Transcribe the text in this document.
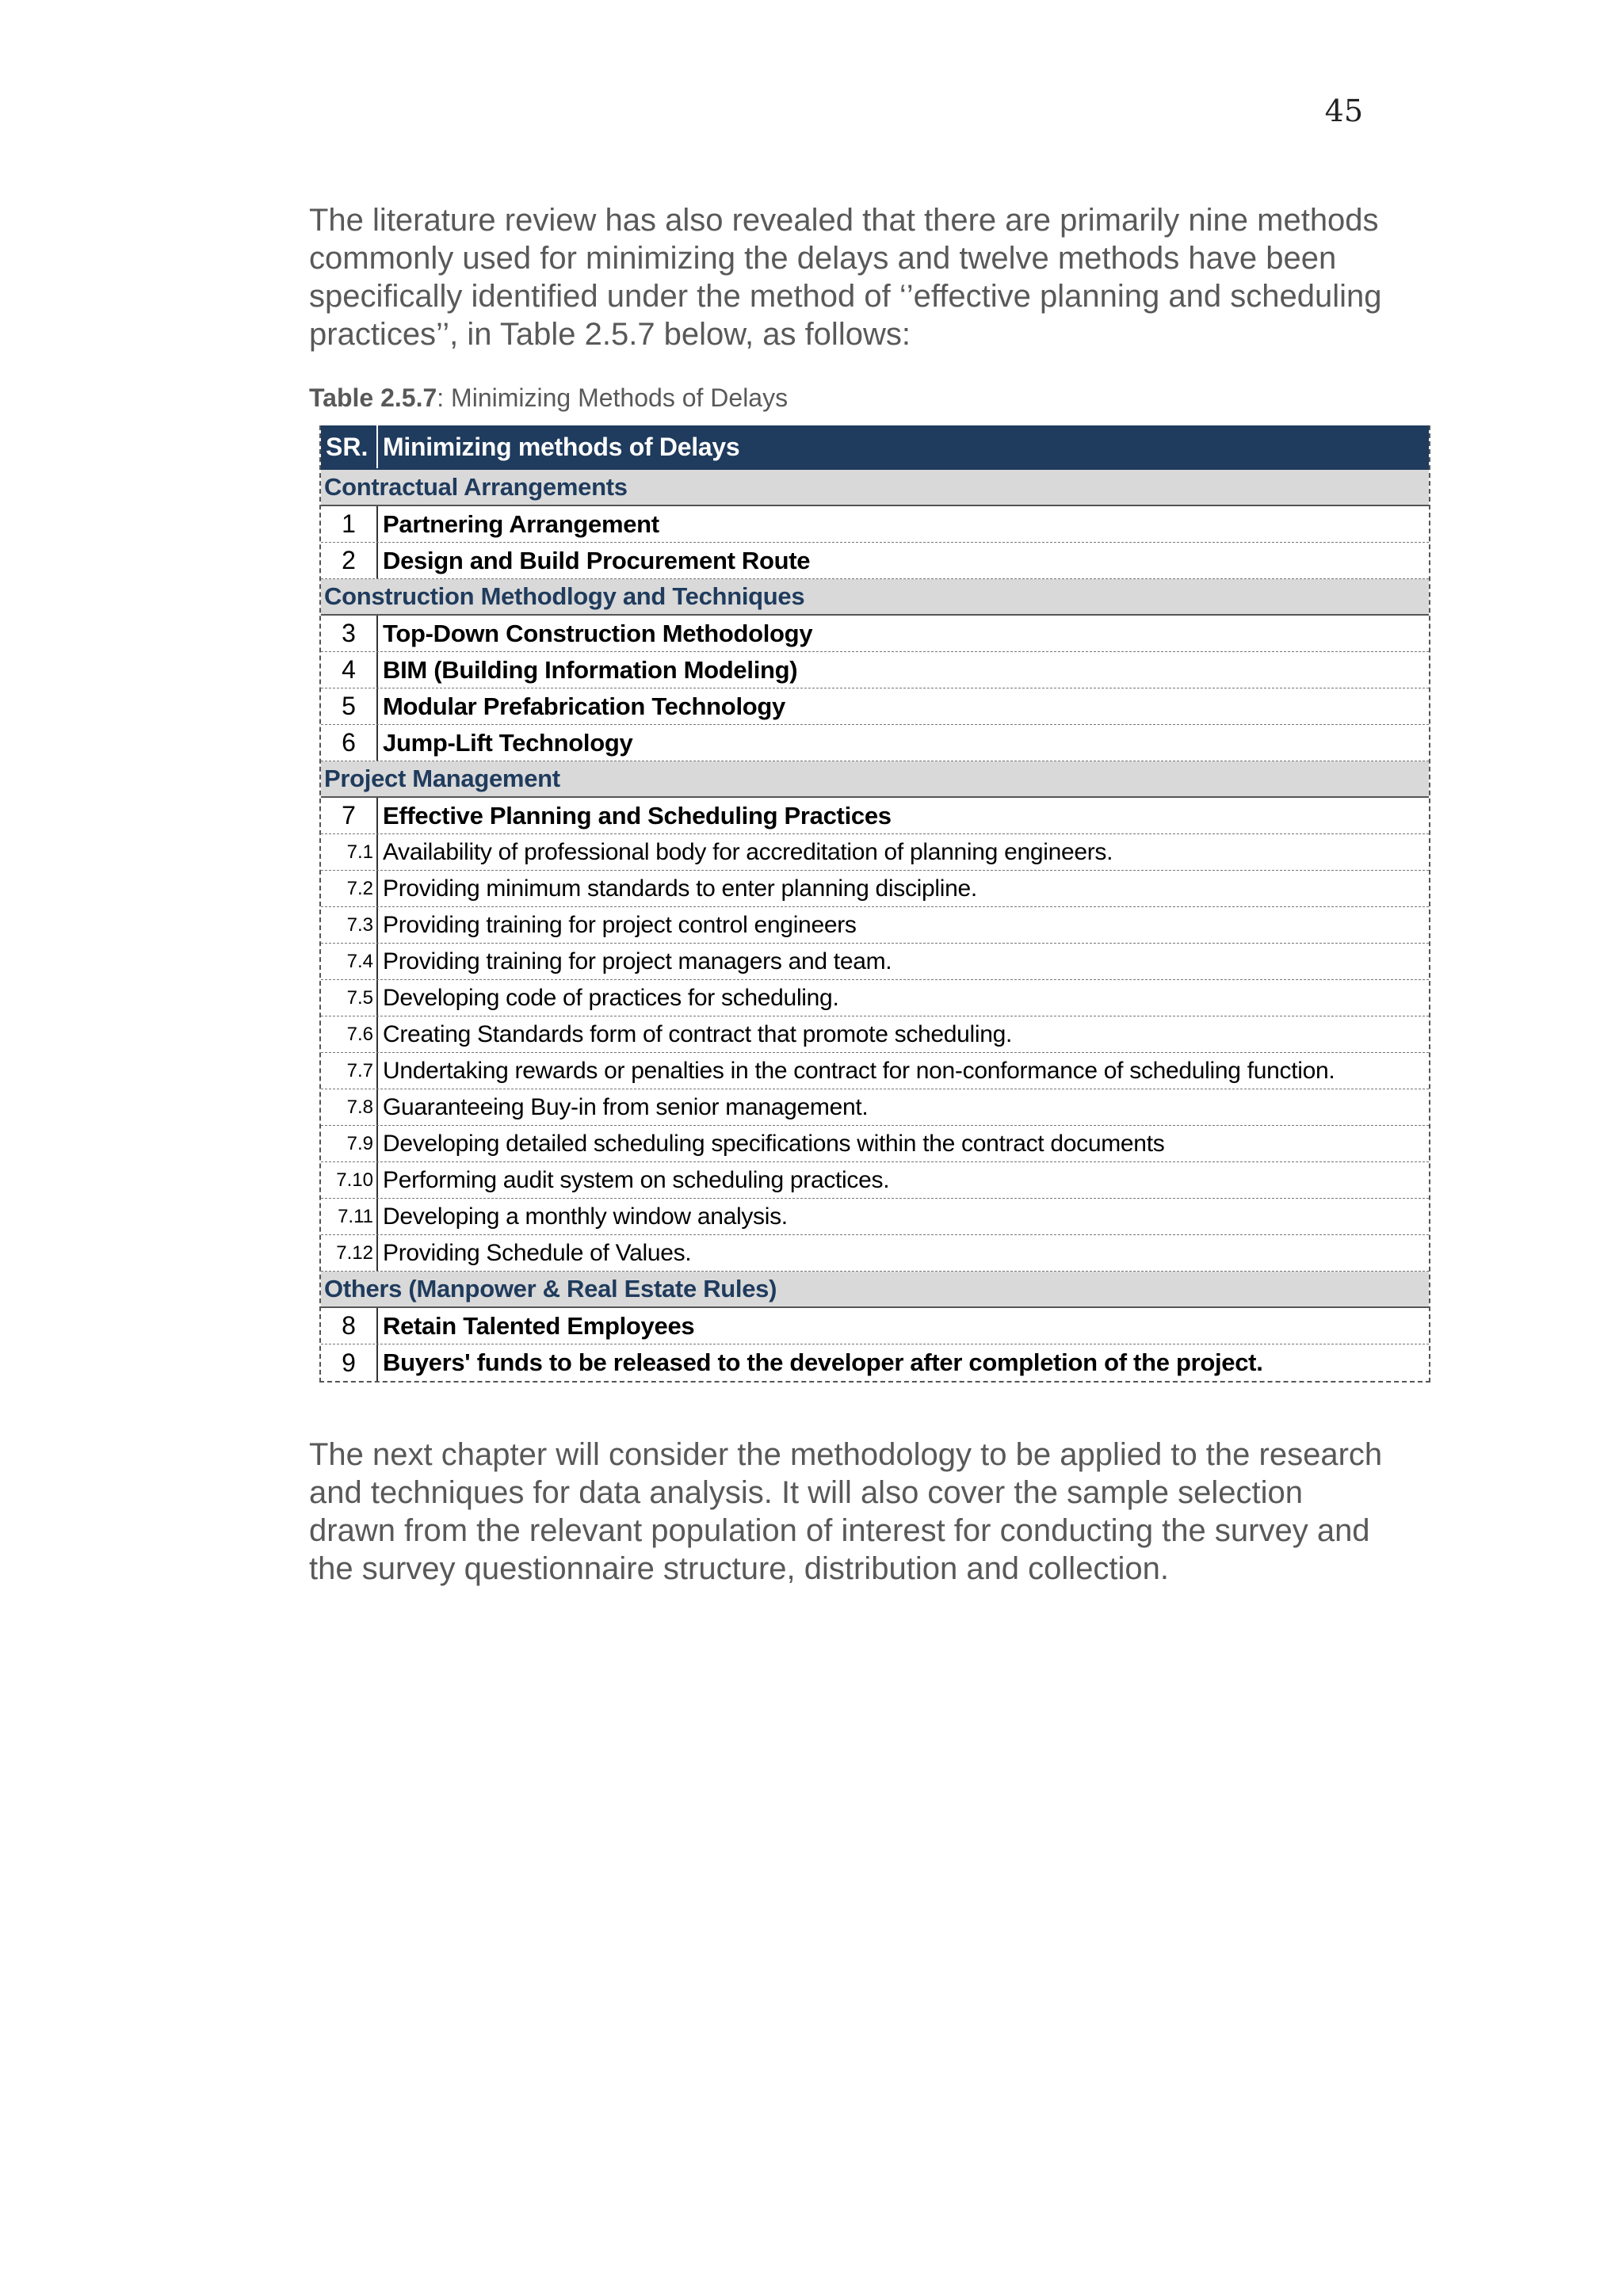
45

The literature review has also revealed that there are primarily nine methods commonly used for minimizing the delays and twelve methods have been specifically identified under the method of ‘’effective planning and scheduling practices’’, in Table 2.5.7 below, as follows:

Table 2.5.7: Minimizing Methods of Delays
SR. Minimizing methods of Delays
Contractual Arrangements
1	Partnering Arrangement
2	Design and Build Procurement Route
Construction Methodlogy and Techniques
3	Top-Down Construction Methodology
4	BIM (Building Information Modeling)
5	Modular Prefabrication Technology
6	Jump-Lift Technology
Project Management
7	Effective Planning and Scheduling Practices
7.1 Availability of professional body for accreditation of planning engineers.
7.2 Providing minimum standards to enter planning discipline.
7.3 Providing training for project control engineers
7.4 Providing training for project managers and team.
7.5 Developing code of practices for scheduling.
7.6 Creating Standards form of contract that promote scheduling.
7.7 Undertaking rewards or penalties in the contract for non-conformance of scheduling function.
7.8 Guaranteeing Buy-in from senior management.
7.9 Developing detailed scheduling specifications within the contract documents
7.10 Performing audit system on scheduling practices.
7.11 Developing a monthly window analysis.
7.12 Providing Schedule of Values.
Others (Manpower & Real Estate Rules)
8	Retain Talented Employees
9	Buyers' funds to be released to the developer after completion of the project.

The next chapter will consider the methodology to be applied to the research and techniques for data analysis. It will also cover the sample selection drawn from the relevant population of interest for conducting the survey and the survey questionnaire structure, distribution and collection.
